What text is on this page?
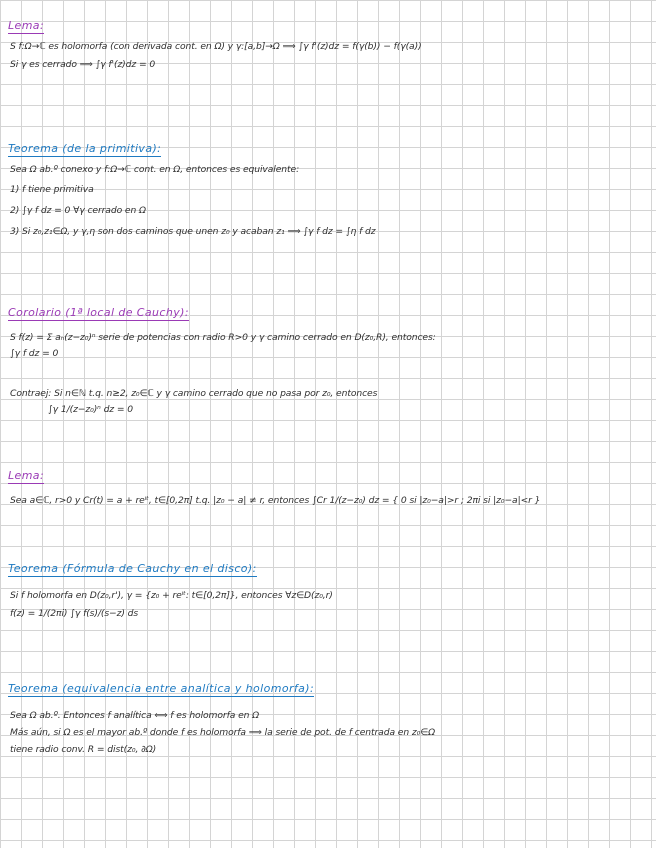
Lema:
S f:Ω→ℂ es holomorfa (con derivada cont. en Ω) y γ:[a,b]→Ω ⟹ ∫γ f'(z)dz = f(γ(b)) − f(γ(a))
Si γ es cerrado ⟹ ∫γ f'(z)dz = 0
Teorema (de la primitiva):
Sea Ω ab.º conexo y f:Ω→ℂ cont. en Ω, entonces es equivalente:
1) f tiene primitiva
2) ∫γ f dz = 0 ∀γ cerrado en Ω
3) Si z₀,z₁∈Ω, y γ,η son dos caminos que unen z₀ y acaban z₁ ⟹ ∫γ f dz = ∫η f dz
Corolario (1ª local de Cauchy):
S f(z) = Σ aₙ(z−z₀)ⁿ serie de potencias con radio R>0 y γ camino cerrado en D(z₀,R), entonces:
∫γ f dz = 0
Contraej: Si n∈ℕ t.q. n≥2, z₀∈ℂ y γ camino cerrado que no pasa por z₀, entonces
∫γ 1/(z−z₀)ⁿ dz = 0
Lema:
Sea a∈ℂ, r>0 y Cr(t) = a + reⁱᵗ, t∈[0,2π] t.q. |z₀ − a| ≠ r, entonces ∫Cr 1/(z−z₀) dz = { 0 si |z₀−a|>r ; 2πi si |z₀−a|<r }
Teorema (Fórmula de Cauchy en el disco):
Si f holomorfa en D(z₀,r'), γ = {z₀ + reⁱᵗ: t∈[0,2π]}, entonces ∀z∈D(z₀,r)
f(z) = 1/(2πi) ∫γ f(s)/(s−z) ds
Teorema (equivalencia entre analítica y holomorfa):
Sea Ω ab.º. Entonces f analítica ⟺ f es holomorfa en Ω
Más aún, si Ω es el mayor ab.º donde f es holomorfa ⟹ la serie de pot. de f centrada en z₀∈Ω
tiene radio conv. R = dist(z₀, ∂Ω)
